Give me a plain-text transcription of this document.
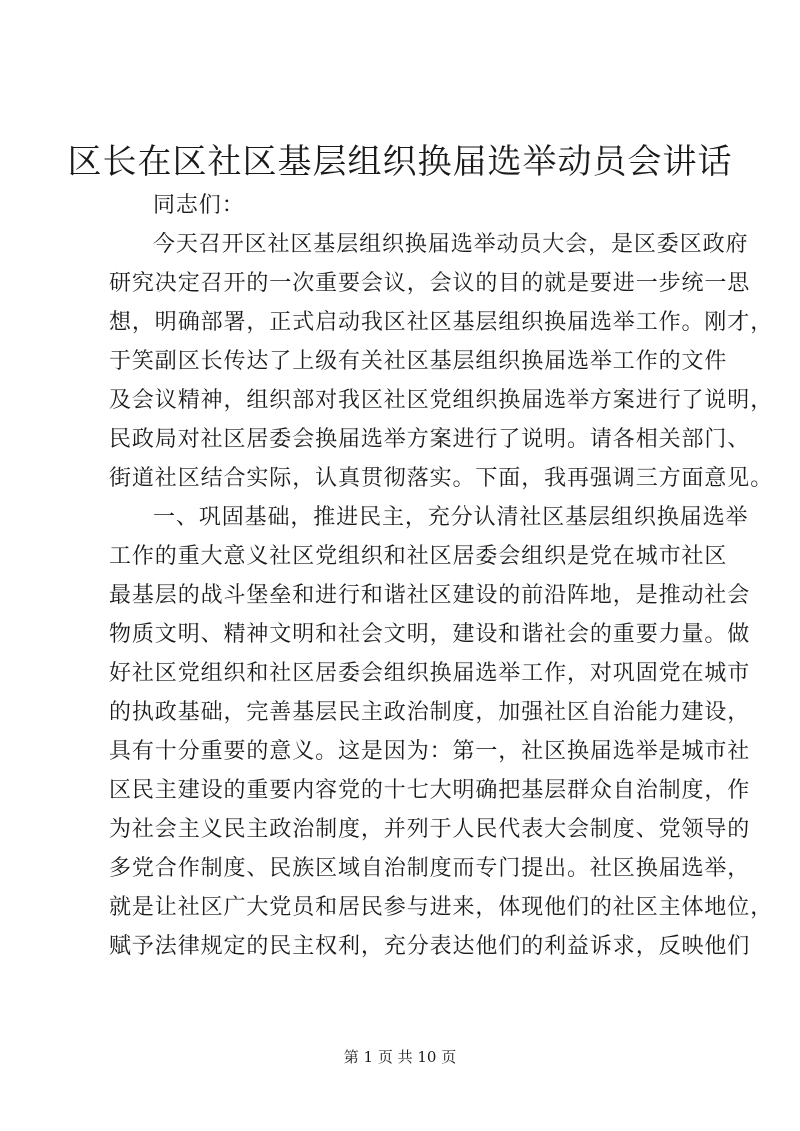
区长在区社区基层组织换届选举动员会讲话
同志们：
今天召开区社区基层组织换届选举动员大会，是区委区政府
研究决定召开的一次重要会议，会议的目的就是要进一步统一思
想，明确部署，正式启动我区社区基层组织换届选举工作。刚才，
于笑副区长传达了上级有关社区基层组织换届选举工作的文件
及会议精神，组织部对我区社区党组织换届选举方案进行了说明，
民政局对社区居委会换届选举方案进行了说明。请各相关部门、
街道社区结合实际，认真贯彻落实。下面，我再强调三方面意见。
一、巩固基础，推进民主，充分认清社区基层组织换届选举
工作的重大意义社区党组织和社区居委会组织是党在城市社区
最基层的战斗堡垒和进行和谐社区建设的前沿阵地，是推动社会
物质文明、精神文明和社会文明，建设和谐社会的重要力量。做
好社区党组织和社区居委会组织换届选举工作，对巩固党在城市
的执政基础，完善基层民主政治制度，加强社区自治能力建设，
具有十分重要的意义。这是因为：第一，社区换届选举是城市社
区民主建设的重要内容党的十七大明确把基层群众自治制度，作
为社会主义民主政治制度，并列于人民代表大会制度、党领导的
多党合作制度、民族区域自治制度而专门提出。社区换届选举，
就是让社区广大党员和居民参与进来，体现他们的社区主体地位，
赋予法律规定的民主权利，充分表达他们的利益诉求，反映他们
第 1 页 共 10 页
